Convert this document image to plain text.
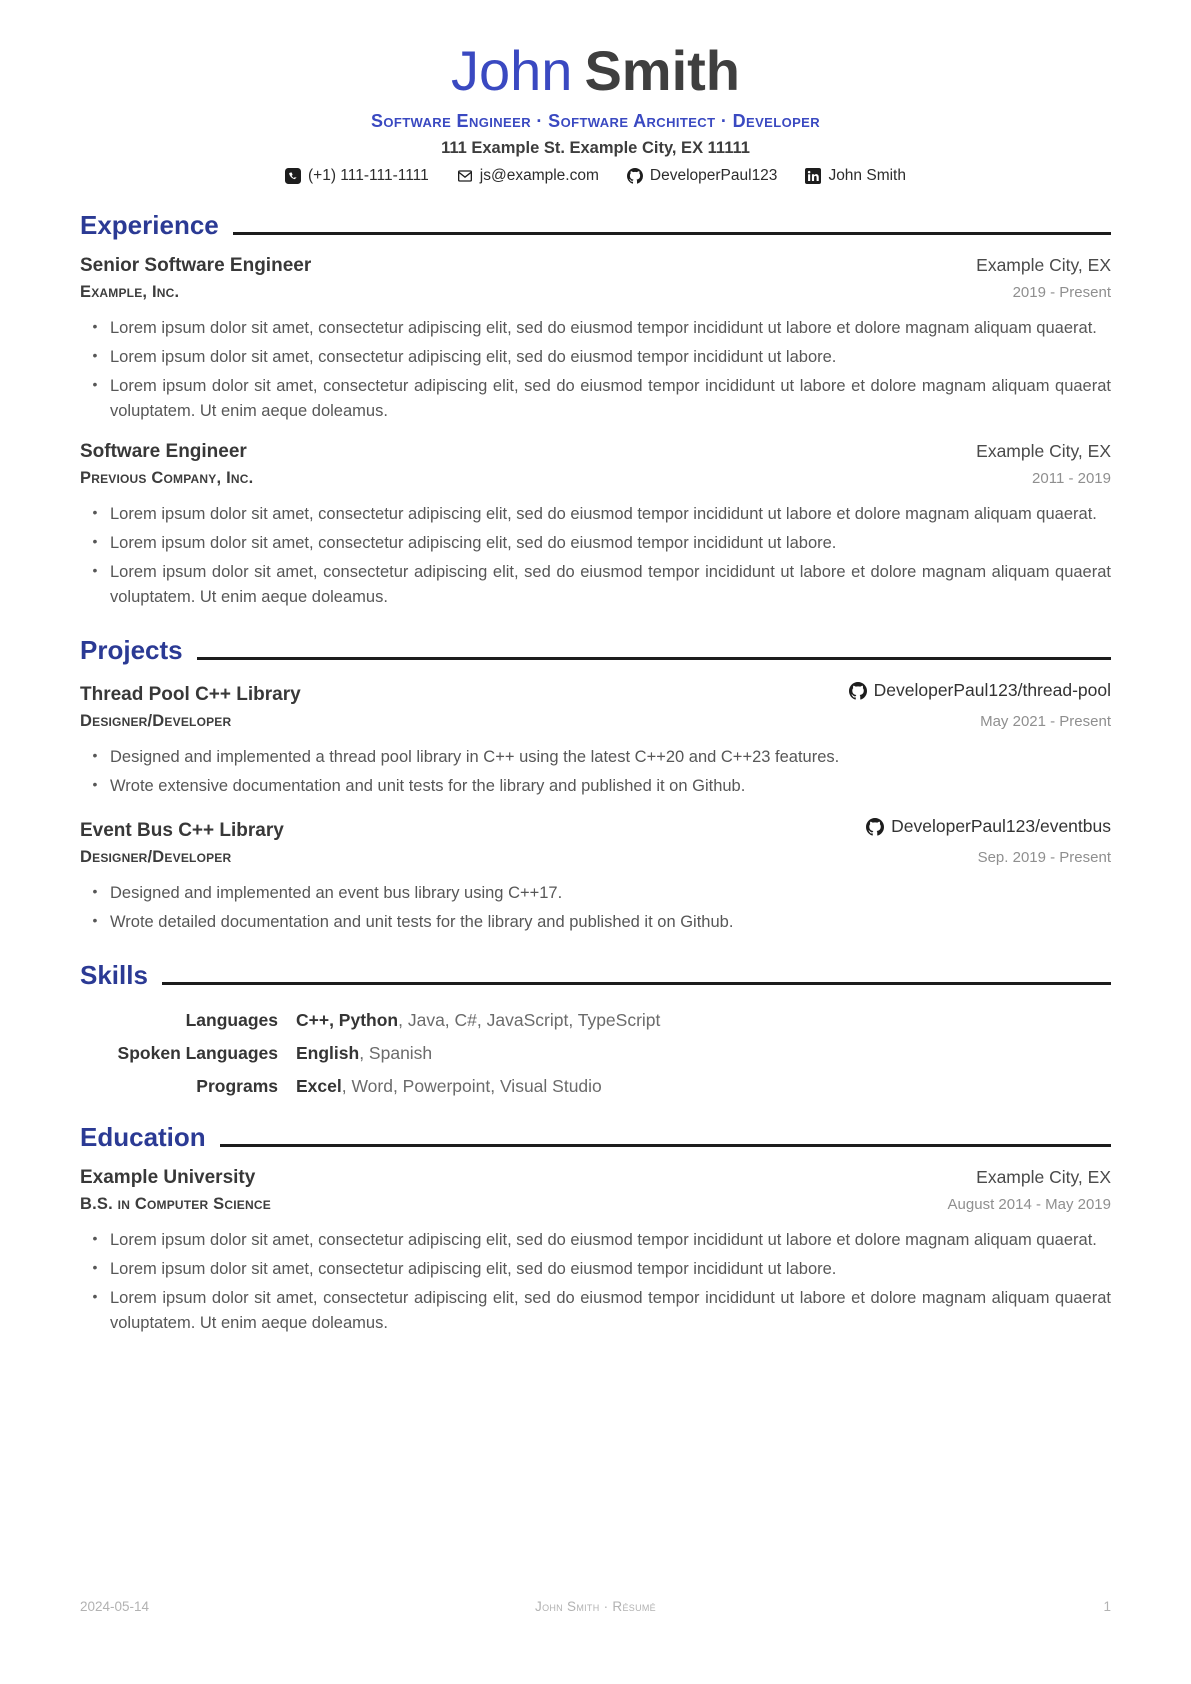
John Smith
Software Engineer · Software Architect · Developer
111 Example St. Example City, EX 11111
(+1) 111-111-1111	js@example.com	DeveloperPaul123	John Smith
Experience
Senior Software Engineer	Example City, EX
Example, Inc.	2019 - Present
• Lorem ipsum dolor sit amet, consectetur adipiscing elit, sed do eiusmod tempor incididunt ut labore et dolore magnam aliquam quaerat.
• Lorem ipsum dolor sit amet, consectetur adipiscing elit, sed do eiusmod tempor incididunt ut labore.
• Lorem ipsum dolor sit amet, consectetur adipiscing elit, sed do eiusmod tempor incididunt ut labore et dolore magnam aliquam quaerat voluptatem. Ut enim aeque doleamus.
Software Engineer	Example City, EX
Previous Company, Inc.	2011 - 2019
• Lorem ipsum dolor sit amet, consectetur adipiscing elit, sed do eiusmod tempor incididunt ut labore et dolore magnam aliquam quaerat.
• Lorem ipsum dolor sit amet, consectetur adipiscing elit, sed do eiusmod tempor incididunt ut labore.
• Lorem ipsum dolor sit amet, consectetur adipiscing elit, sed do eiusmod tempor incididunt ut labore et dolore magnam aliquam quaerat voluptatem. Ut enim aeque doleamus.
Projects
Thread Pool C++ Library	DeveloperPaul123/thread-pool
Designer/Developer	May 2021 - Present
• Designed and implemented a thread pool library in C++ using the latest C++20 and C++23 features.
• Wrote extensive documentation and unit tests for the library and published it on Github.
Event Bus C++ Library	DeveloperPaul123/eventbus
Designer/Developer	Sep. 2019 - Present
• Designed and implemented an event bus library using C++17.
• Wrote detailed documentation and unit tests for the library and published it on Github.
Skills
Languages C++, Python, Java, C#, JavaScript, TypeScript
Spoken Languages English, Spanish
Programs Excel, Word, Powerpoint, Visual Studio
Education
Example University	Example City, EX
B.S. in Computer Science	August 2014 - May 2019
• Lorem ipsum dolor sit amet, consectetur adipiscing elit, sed do eiusmod tempor incididunt ut labore et dolore magnam aliquam quaerat.
• Lorem ipsum dolor sit amet, consectetur adipiscing elit, sed do eiusmod tempor incididunt ut labore.
• Lorem ipsum dolor sit amet, consectetur adipiscing elit, sed do eiusmod tempor incididunt ut labore et dolore magnam aliquam quaerat voluptatem. Ut enim aeque doleamus.
2024-05-14	John Smith · Résumé	1
